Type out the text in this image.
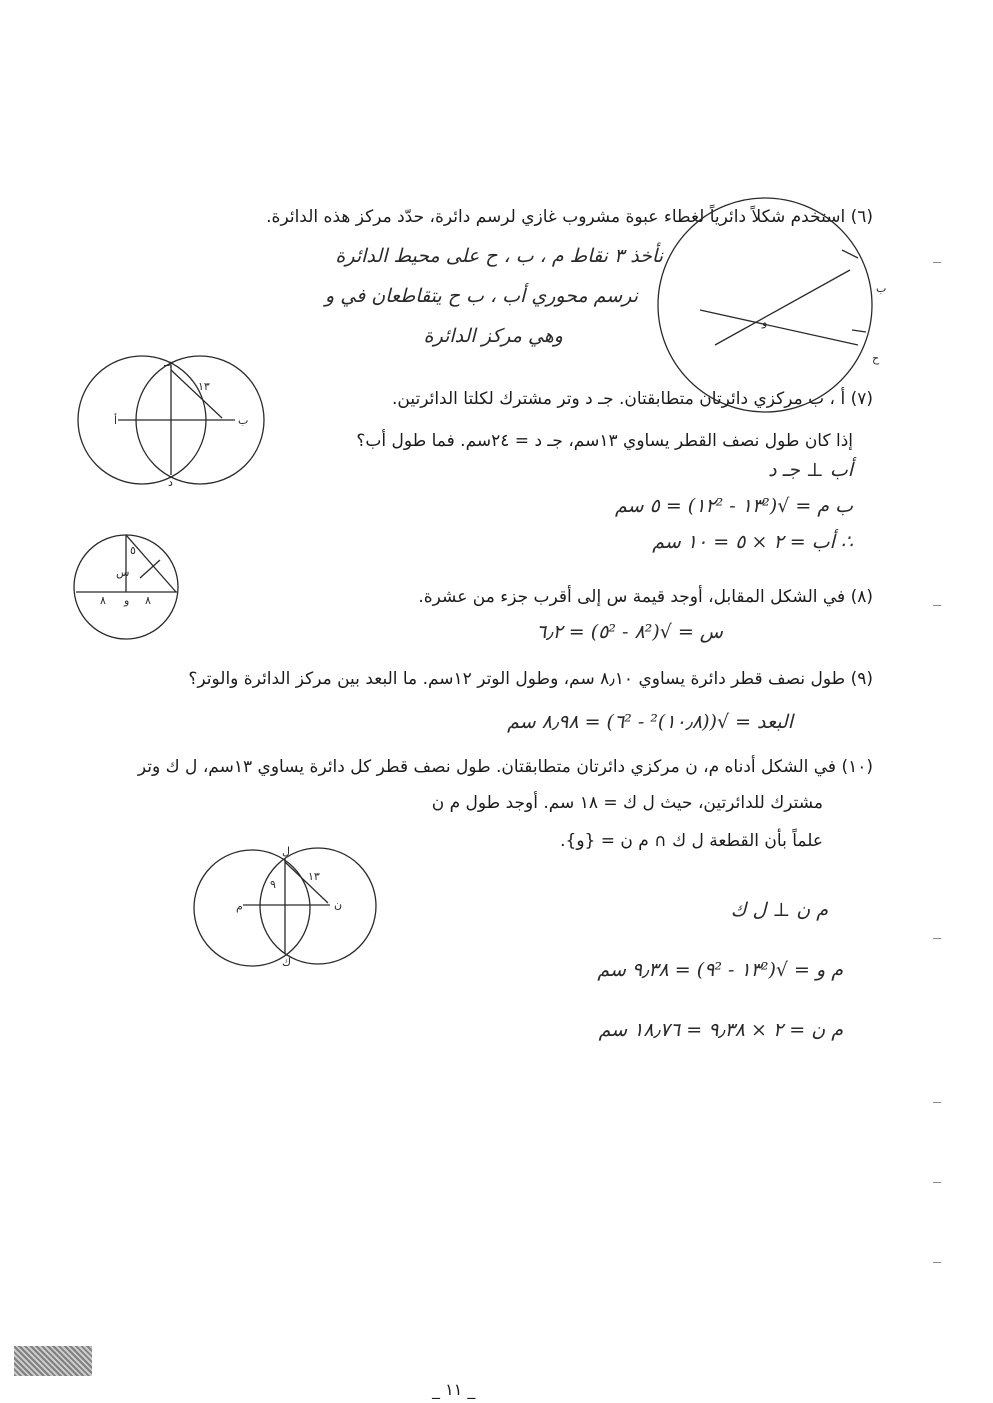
(٦) استخدم شكلاً دائرياً لغطاء عبوة مشروب غازي لرسم دائرة، حدّد مركز هذه الدائرة.
نأخذ ٣ نقاط م ، ب ، ح على محيط الدائرة
نرسم محوري أب ، ب ح يتقاطعان في و
وهي مركز الدائرة
(٧) أ ، ب مركزي دائرتان متطابقتان. جـ د وتر مشترك لكلتا الدائرتين.
إذا كان طول نصف القطر يساوي ١٣سم، جـ د = ٢٤سم. فما طول أب؟
أب ⊥ جـ د
ب م = √(١٣² - ١٢²) = ٥ سم
∴ أب = ٢ × ٥ = ١٠ سم
(٨) في الشكل المقابل، أوجد قيمة س إلى أقرب جزء من عشرة.
س = √(٨² - ٥²) = ٦٫٢
(٩) طول نصف قطر دائرة يساوي ٨٫١٠ سم، وطول الوتر ١٢سم. ما البعد بين مركز الدائرة والوتر؟
البعد = √((١٠٫٨)² - ٦²) = ٨٫٩٨ سم
(١٠) في الشكل أدناه م، ن مركزي دائرتان متطابقتان. طول نصف قطر كل دائرة يساوي ١٣سم، ل ك وتر
مشترك للدائرتين، حيث ل ك = ١٨ سم. أوجد طول م ن
علماً بأن القطعة ل ك ∩ م ن = {و}.
م ن ⊥ ل ك
م و = √(١٣² - ٩²) = ٩٫٣٨ سم
م ن = ٢ × ٩٫٣٨ = ١٨٫٧٦ سم
ب
ح
و
أ	ب
جـ
د
١٣
٨	٨
و
س
٥
م	ن
ل
ك
٩
١٣
_ ١١ _
